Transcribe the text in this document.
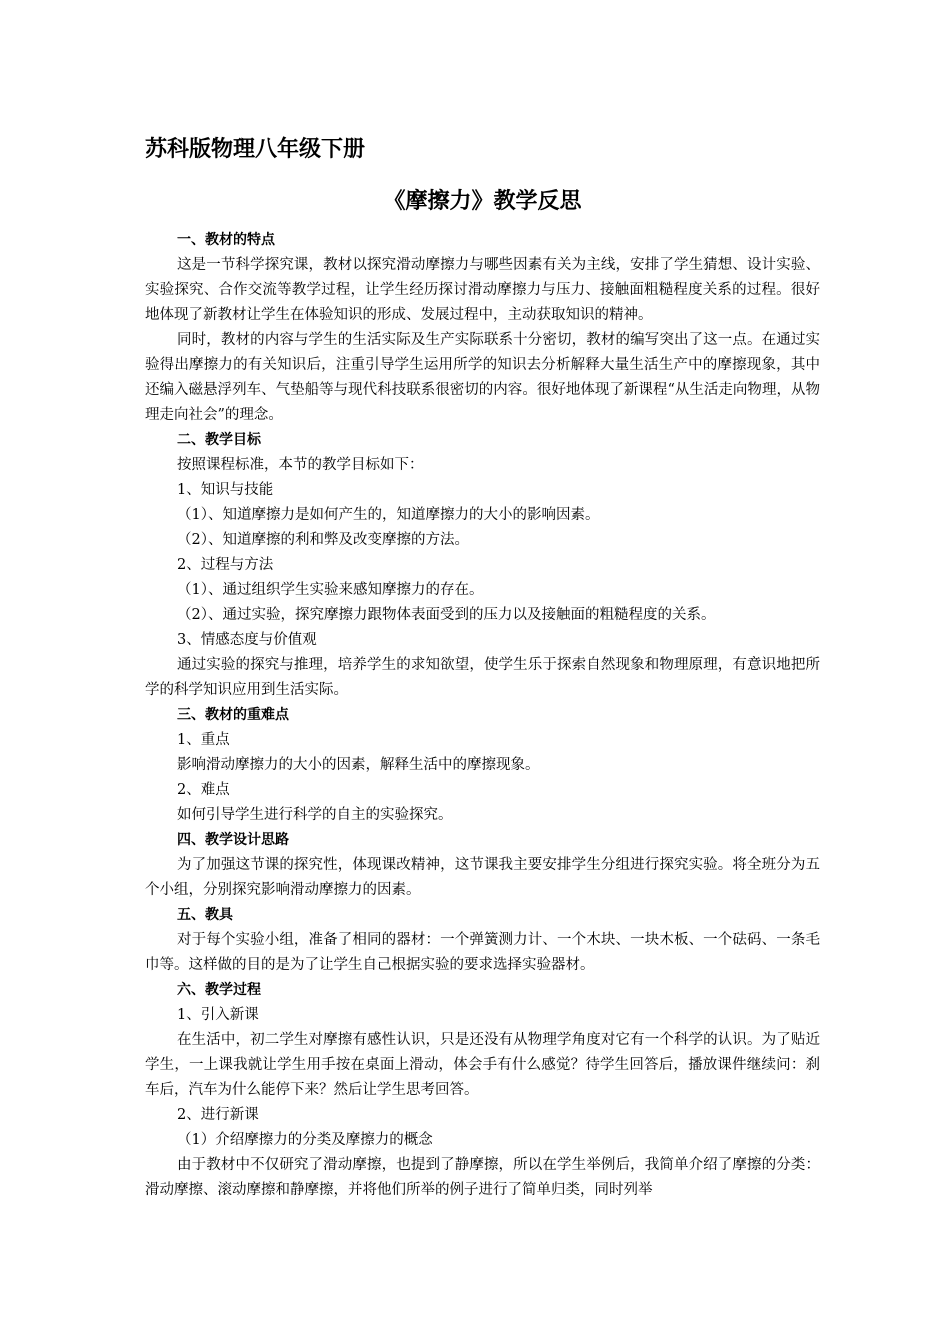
苏科版物理八年级下册
《摩擦力》教学反思
一、教材的特点
这是一节科学探究课，教材以探究滑动摩擦力与哪些因素有关为主线，安排了学生猜想、设计实验、实验探究、合作交流等教学过程，让学生经历探讨滑动摩擦力与压力、接触面粗糙程度关系的过程。很好地体现了新教材让学生在体验知识的形成、发展过程中，主动获取知识的精神。
同时，教材的内容与学生的生活实际及生产实际联系十分密切，教材的编写突出了这一点。在通过实验得出摩擦力的有关知识后，注重引导学生运用所学的知识去分析解释大量生活生产中的摩擦现象，其中还编入磁悬浮列车、气垫船等与现代科技联系很密切的内容。很好地体现了新课程“从生活走向物理，从物理走向社会”的理念。
二、教学目标
按照课程标准，本节的教学目标如下：
1、知识与技能
（1）、知道摩擦力是如何产生的，知道摩擦力的大小的影响因素。
（2）、知道摩擦的利和弊及改变摩擦的方法。
2、过程与方法
（1）、通过组织学生实验来感知摩擦力的存在。
（2）、通过实验，探究摩擦力跟物体表面受到的压力以及接触面的粗糙程度的关系。
3、情感态度与价值观
通过实验的探究与推理，培养学生的求知欲望，使学生乐于探索自然现象和物理原理，有意识地把所学的科学知识应用到生活实际。
三、教材的重难点
1、重点
影响滑动摩擦力的大小的因素，解释生活中的摩擦现象。
2、难点
如何引导学生进行科学的自主的实验探究。
四、教学设计思路
为了加强这节课的探究性，体现课改精神，这节课我主要安排学生分组进行探究实验。将全班分为五个小组，分别探究影响滑动摩擦力的因素。
五、教具
对于每个实验小组，准备了相同的器材：一个弹簧测力计、一个木块、一块木板、一个砝码、一条毛巾等。这样做的目的是为了让学生自己根据实验的要求选择实验器材。
六、教学过程
1、引入新课
在生活中，初二学生对摩擦有感性认识，只是还没有从物理学角度对它有一个科学的认识。为了贴近学生，一上课我就让学生用手按在桌面上滑动，体会手有什么感觉？待学生回答后，播放课件继续问：刹车后，汽车为什么能停下来？然后让学生思考回答。
2、进行新课
（1）介绍摩擦力的分类及摩擦力的概念
由于教材中不仅研究了滑动摩擦，也提到了静摩擦，所以在学生举例后，我简单介绍了摩擦的分类：滑动摩擦、滚动摩擦和静摩擦，并将他们所举的例子进行了简单归类，同时列举
